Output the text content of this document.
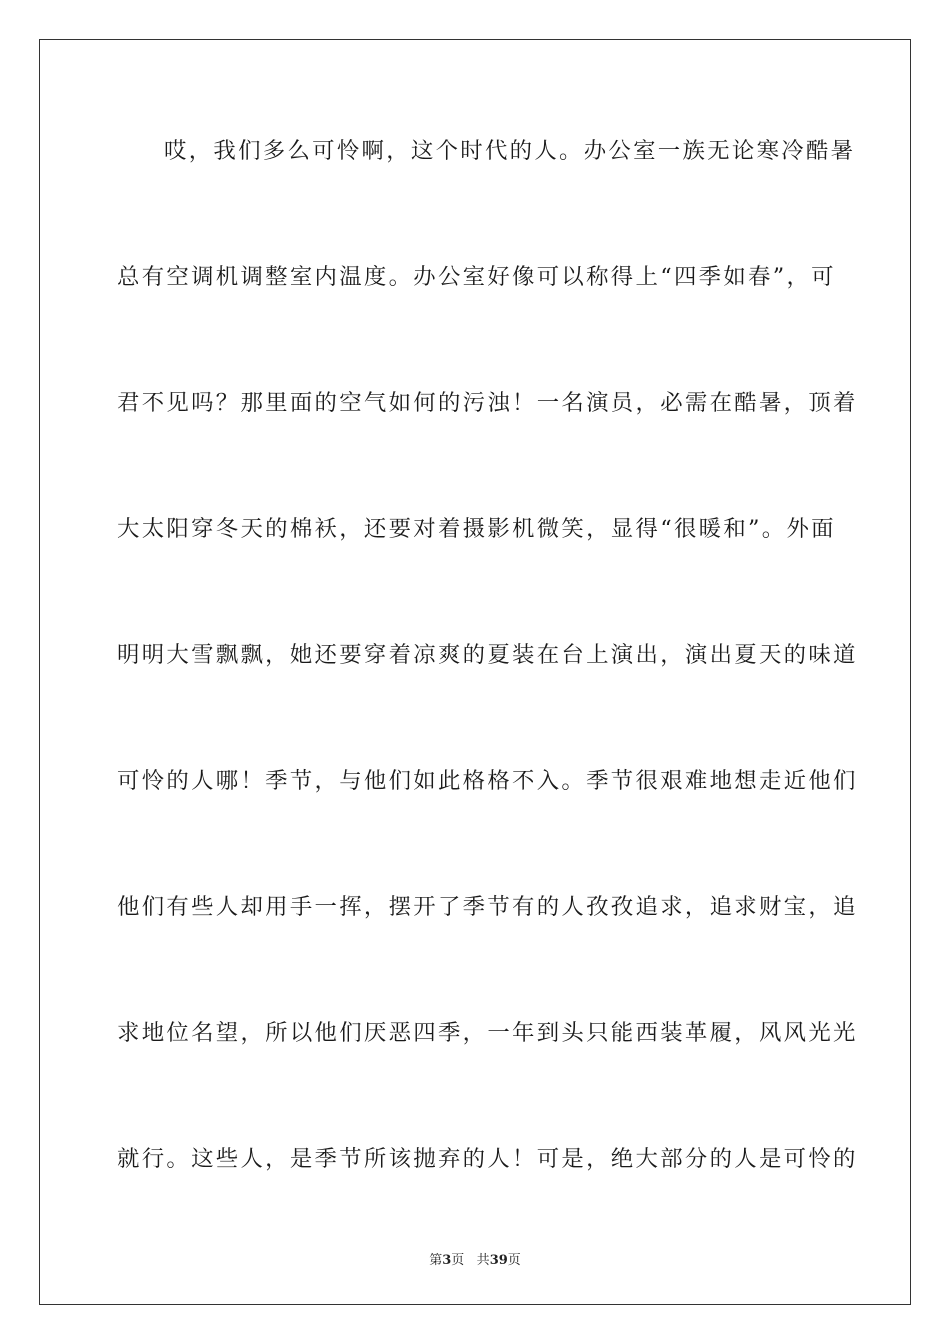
哎，我们多么可怜啊，这个时代的人。办公室一族无论寒冷酷暑
总有空调机调整室内温度。办公室好像可以称得上“四季如春”，可
君不见吗？那里面的空气如何的污浊！一名演员，必需在酷暑，顶着
大太阳穿冬天的棉袄，还要对着摄影机微笑，显得“很暖和”。外面
明明大雪飘飘，她还要穿着凉爽的夏装在台上演出，演出夏天的味道
可怜的人哪！季节，与他们如此格格不入。季节很艰难地想走近他们
他们有些人却用手一挥，摆开了季节有的人孜孜追求，追求财宝，追
求地位名望，所以他们厌恶四季，一年到头只能西装革履，风风光光
就行。这些人，是季节所该抛弃的人！可是，绝大部分的人是可怜的
第3页 共39页
